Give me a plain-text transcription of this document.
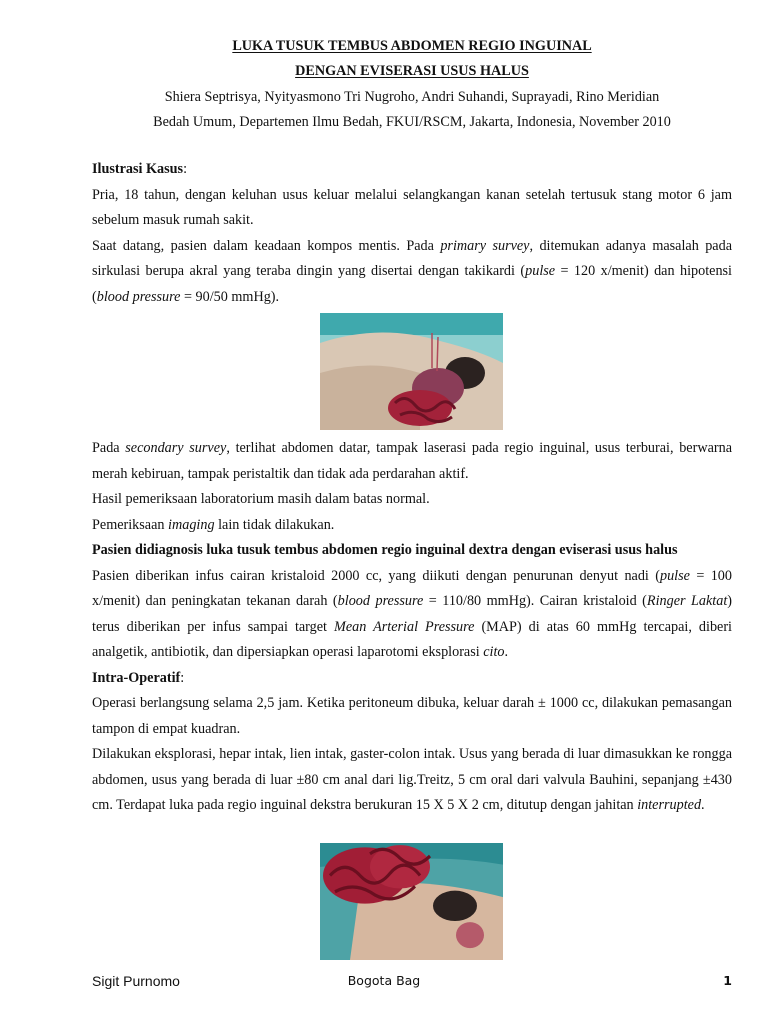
LUKA TUSUK TEMBUS ABDOMEN REGIO INGUINAL
DENGAN EVISERASI USUS HALUS
Shiera Septrisya, Nyityasmono Tri Nugroho, Andri Suhandi, Suprayadi, Rino Meridian
Bedah Umum, Departemen Ilmu Bedah, FKUI/RSCM, Jakarta, Indonesia, November 2010

Ilustrasi Kasus:

Pria, 18 tahun, dengan keluhan usus keluar melalui selangkangan kanan setelah tertusuk stang motor 6 jam sebelum masuk rumah sakit.

Saat datang, pasien dalam keadaan kompos mentis. Pada primary survey, ditemukan adanya masalah pada sirkulasi berupa akral yang teraba dingin yang disertai dengan takikardi (pulse = 120 x/menit) dan hipotensi (blood pressure = 90/50 mmHg).

Pada secondary survey, terlihat abdomen datar, tampak laserasi pada regio inguinal, usus terburai, berwarna merah kebiruan, tampak peristaltik dan tidak ada perdarahan aktif.

Hasil pemeriksaan laboratorium masih dalam batas normal.

Pemeriksaan imaging lain tidak dilakukan.

Pasien didiagnosis luka tusuk tembus abdomen regio inguinal dextra dengan eviserasi usus halus

Pasien diberikan infus cairan kristaloid 2000 cc, yang diikuti dengan penurunan denyut nadi (pulse = 100 x/menit) dan peningkatan tekanan darah (blood pressure = 110/80 mmHg). Cairan kristaloid (Ringer Laktat) terus diberikan per infus sampai target Mean Arterial Pressure (MAP) di atas 60 mmHg tercapai, diberi analgetik, antibiotik, dan dipersiapkan operasi laparotomi eksplorasi cito.

Intra-Operatif:

Operasi berlangsung selama 2,5 jam. Ketika peritoneum dibuka, keluar darah ± 1000 cc, dilakukan pemasangan tampon di empat kuadran.

Dilakukan eksplorasi, hepar intak, lien intak, gaster-colon intak. Usus yang berada di luar dimasukkan ke rongga abdomen, usus yang berada di luar ±80 cm anal dari lig.Treitz, 5 cm oral dari valvula Bauhini, sepanjang ±430 cm. Terdapat luka pada regio inguinal dekstra berukuran 15 X 5 X 2 cm, ditutup dengan jahitan interrupted.

Sigit Purnomo	Bogota Bag	1
